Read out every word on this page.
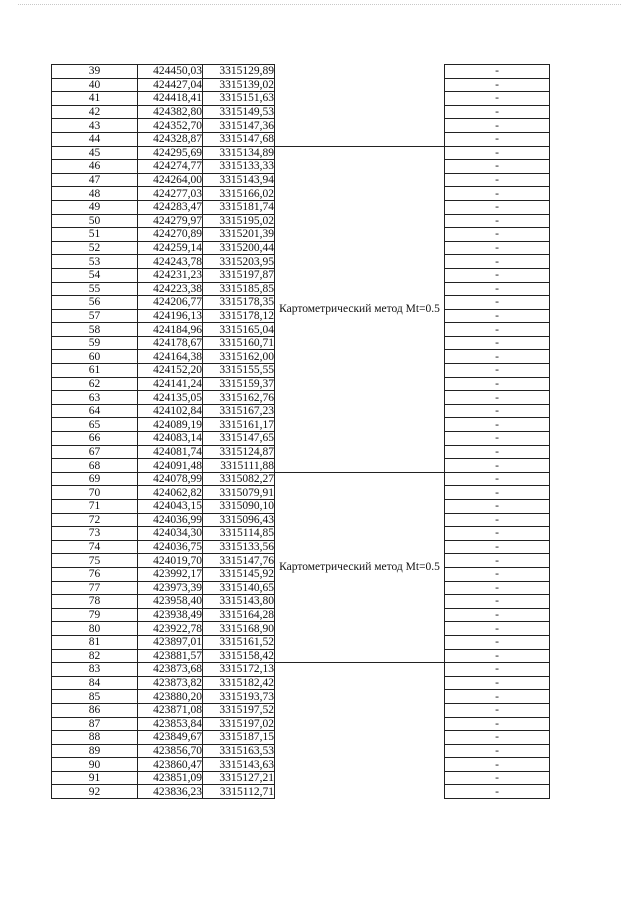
39	424450,03	3315129,89		-
40	424427,04	3315139,02		-
41	424418,41	3315151,63		-
42	424382,80	3315149,53		-
43	424352,70	3315147,36		-
44	424328,87	3315147,68		-
45	424295,69	3315134,89	Картометрический метод Mt=0.5	-
46	424274,77	3315133,33		-
47	424264,00	3315143,94		-
48	424277,03	3315166,02		-
49	424283,47	3315181,74		-
50	424279,97	3315195,02		-
51	424270,89	3315201,39		-
52	424259,14	3315200,44		-
53	424243,78	3315203,95		-
54	424231,23	3315197,87		-
55	424223,38	3315185,85		-
56	424206,77	3315178,35		-
57	424196,13	3315178,12		-
58	424184,96	3315165,04		-
59	424178,67	3315160,71		-
60	424164,38	3315162,00		-
61	424152,20	3315155,55		-
62	424141,24	3315159,37		-
63	424135,05	3315162,76		-
64	424102,84	3315167,23		-
65	424089,19	3315161,17		-
66	424083,14	3315147,65		-
67	424081,74	3315124,87		-
68	424091,48	3315111,88		-
69	424078,99	3315082,27	Картометрический метод Mt=0.5	-
70	424062,82	3315079,91		-
71	424043,15	3315090,10		-
72	424036,99	3315096,43		-
73	424034,30	3315114,85		-
74	424036,75	3315133,56		-
75	424019,70	3315147,76		-
76	423992,17	3315145,92		-
77	423973,39	3315140,65		-
78	423958,40	3315143,80		-
79	423938,49	3315164,28		-
80	423922,78	3315168,90		-
81	423897,01	3315161,52		-
82	423881,57	3315158,42		-
83	423873,68	3315172,13		-
84	423873,82	3315182,42		-
85	423880,20	3315193,73		-
86	423871,08	3315197,52		-
87	423853,84	3315197,02		-
88	423849,67	3315187,15		-
89	423856,70	3315163,53		-
90	423860,47	3315143,63		-
91	423851,09	3315127,21		-
92	423836,23	3315112,71		-
